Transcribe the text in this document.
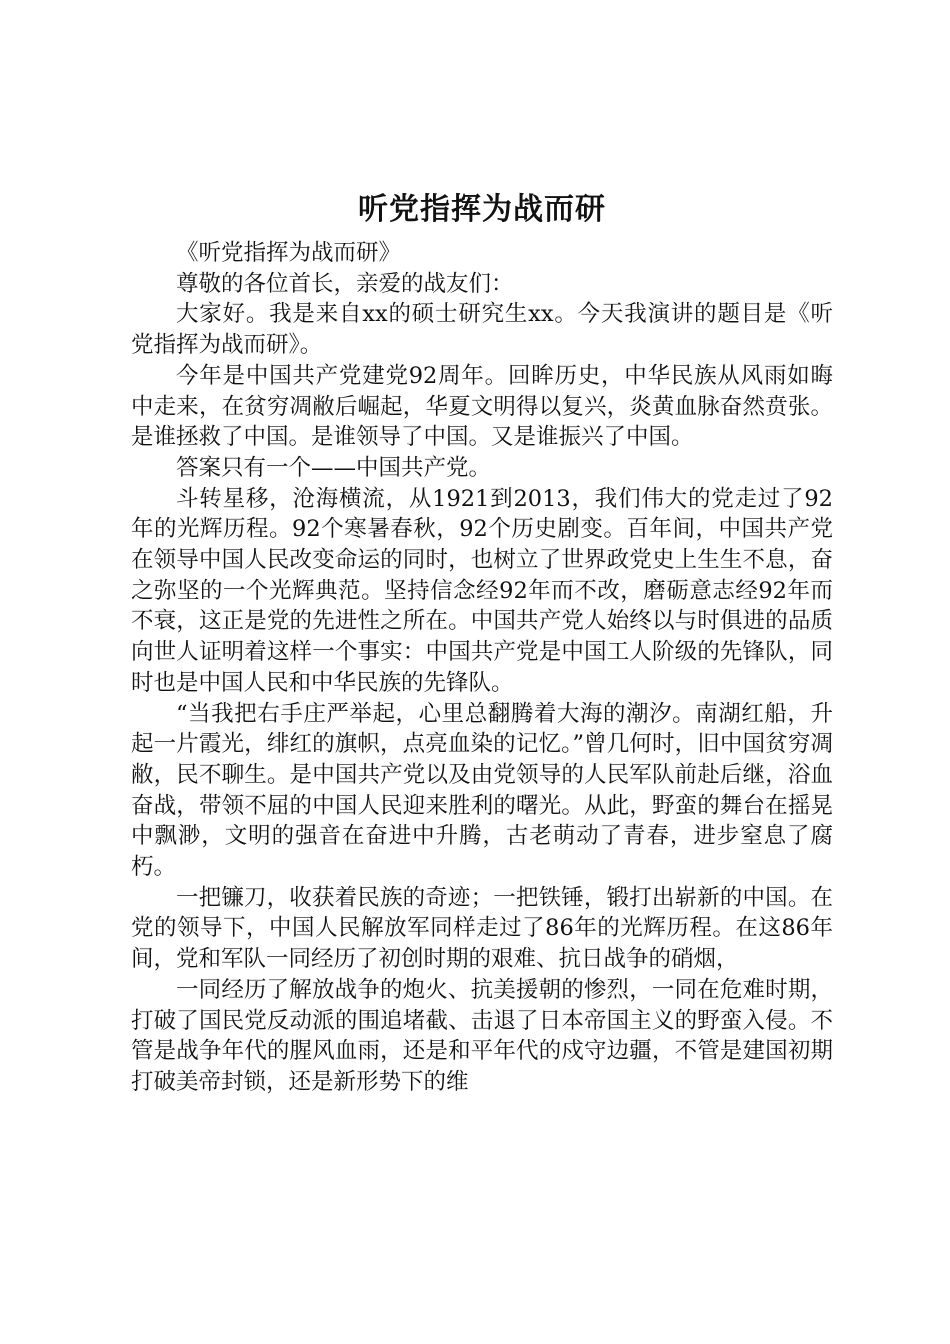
听党指挥为战而研

《听党指挥为战而研》

尊敬的各位首长，亲爱的战友们：

大家好。我是来自xx的硕士研究生xx。今天我演讲的题目是《听党指挥为战而研》。

今年是中国共产党建党92周年。回眸历史，中华民族从风雨如晦中走来，在贫穷凋敝后崛起，华夏文明得以复兴，炎黄血脉奋然贲张。是谁拯救了中国。是谁领导了中国。又是谁振兴了中国。

答案只有一个——中国共产党。

斗转星移，沧海横流，从1921到2013，我们伟大的党走过了92年的光辉历程。92个寒暑春秋，92个历史剧变。百年间，中国共产党在领导中国人民改变命运的同时，也树立了世界政党史上生生不息，奋之弥坚的一个光辉典范。坚持信念经92年而不改，磨砺意志经92年而不衰，这正是党的先进性之所在。中国共产党人始终以与时俱进的品质向世人证明着这样一个事实：中国共产党是中国工人阶级的先锋队，同时也是中国人民和中华民族的先锋队。

“当我把右手庄严举起，心里总翻腾着大海的潮汐。南湖红船，升起一片霞光，绯红的旗帜，点亮血染的记忆。”曾几何时，旧中国贫穷凋敝，民不聊生。是中国共产党以及由党领导的人民军队前赴后继，浴血奋战，带领不屈的中国人民迎来胜利的曙光。从此，野蛮的舞台在摇晃中飘渺，文明的强音在奋进中升腾，古老萌动了青春，进步窒息了腐朽。

一把镰刀，收获着民族的奇迹；一把铁锤，锻打出崭新的中国。在党的领导下，中国人民解放军同样走过了86年的光辉历程。在这86年间，党和军队一同经历了初创时期的艰难、抗日战争的硝烟，

一同经历了解放战争的炮火、抗美援朝的惨烈，一同在危难时期，打破了国民党反动派的围追堵截、击退了日本帝国主义的野蛮入侵。不管是战争年代的腥风血雨，还是和平年代的戍守边疆，不管是建国初期打破美帝封锁，还是新形势下的维
